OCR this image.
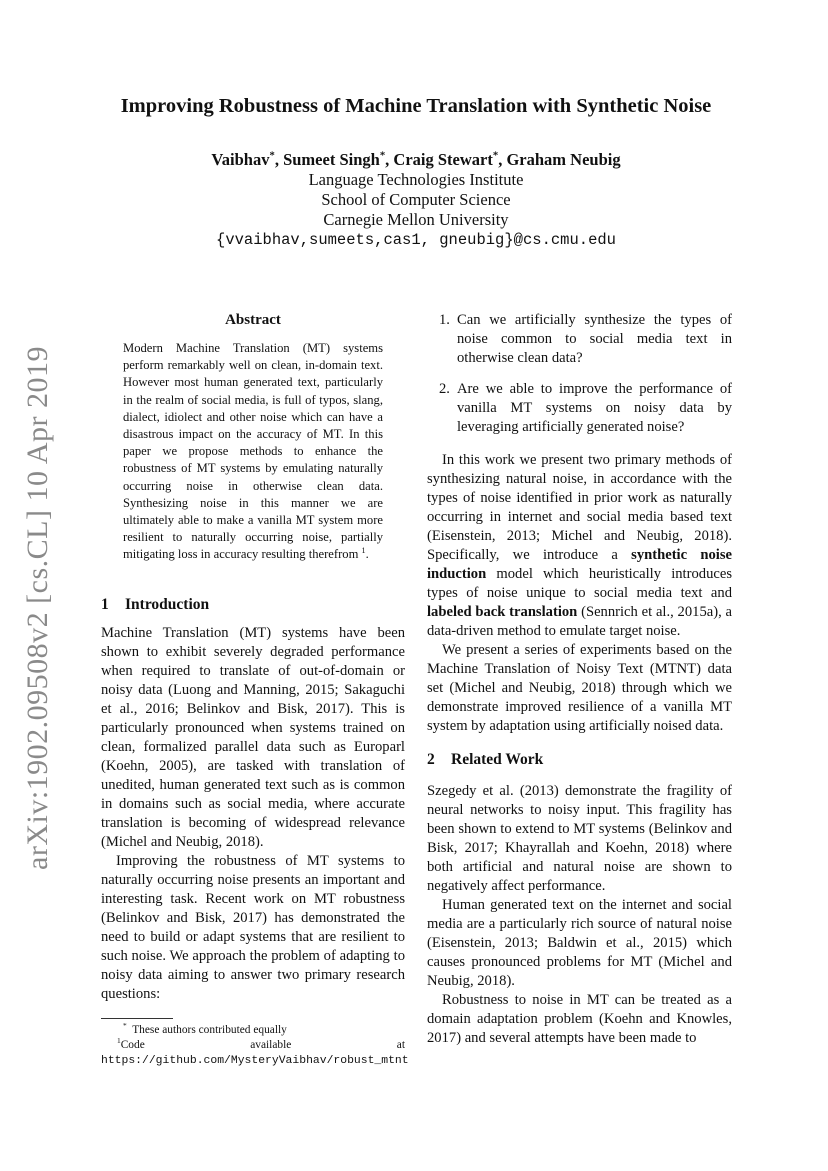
arXiv:1902.09508v2 [cs.CL] 10 Apr 2019
Improving Robustness of Machine Translation with Synthetic Noise
Vaibhav*, Sumeet Singh*, Craig Stewart*, Graham Neubig
Language Technologies Institute
School of Computer Science
Carnegie Mellon University
{vvaibhav,sumeets,cas1, gneubig}@cs.cmu.edu
Abstract
Modern Machine Translation (MT) systems perform remarkably well on clean, in-domain text. However most human generated text, particularly in the realm of social media, is full of typos, slang, dialect, idiolect and other noise which can have a disastrous impact on the accuracy of MT. In this paper we propose methods to enhance the robustness of MT systems by emulating naturally occurring noise in otherwise clean data. Synthesizing noise in this manner we are ultimately able to make a vanilla MT system more resilient to naturally occurring noise, partially mitigating loss in accuracy resulting therefrom $^1$.
1 Introduction

Machine Translation (MT) systems have been shown to exhibit severely degraded performance when required to translate of out-of-domain or noisy data (Luong and Manning, 2015; Sakaguchi et al., 2016; Belinkov and Bisk, 2017). This is particularly pronounced when systems trained on clean, formalized parallel data such as Europarl (Koehn, 2005), are tasked with translation of unedited, human generated text such as is common in domains such as social media, where accurate translation is becoming of widespread relevance (Michel and Neubig, 2018).

Improving the robustness of MT systems to naturally occurring noise presents an important and interesting task. Recent work on MT robustness (Belinkov and Bisk, 2017) has demonstrated the need to build or adapt systems that are resilient to such noise. We approach the problem of adapting to noisy data aiming to answer two primary research questions:

* These authors contributed equally
$^1$Code available at https://github.com/MysteryVaibhav/robust_mtnt
1. Can we artificially synthesize the types of noise common to social media text in otherwise clean data?
2. Are we able to improve the performance of vanilla MT systems on noisy data by leveraging artificially generated noise?

In this work we present two primary methods of synthesizing natural noise, in accordance with the types of noise identified in prior work as naturally occurring in internet and social media based text (Eisenstein, 2013; Michel and Neubig, 2018). Specifically, we introduce a synthetic noise induction model which heuristically introduces types of noise unique to social media text and labeled back translation (Sennrich et al., 2015a), a data-driven method to emulate target noise.

We present a series of experiments based on the Machine Translation of Noisy Text (MTNT) data set (Michel and Neubig, 2018) through which we demonstrate improved resilience of a vanilla MT system by adaptation using artificially noised data.

2 Related Work

Szegedy et al. (2013) demonstrate the fragility of neural networks to noisy input. This fragility has been shown to extend to MT systems (Belinkov and Bisk, 2017; Khayrallah and Koehn, 2018) where both artificial and natural noise are shown to negatively affect performance.

Human generated text on the internet and social media are a particularly rich source of natural noise (Eisenstein, 2013; Baldwin et al., 2015) which causes pronounced problems for MT (Michel and Neubig, 2018).

Robustness to noise in MT can be treated as a domain adaptation problem (Koehn and Knowles, 2017) and several attempts have been made to
